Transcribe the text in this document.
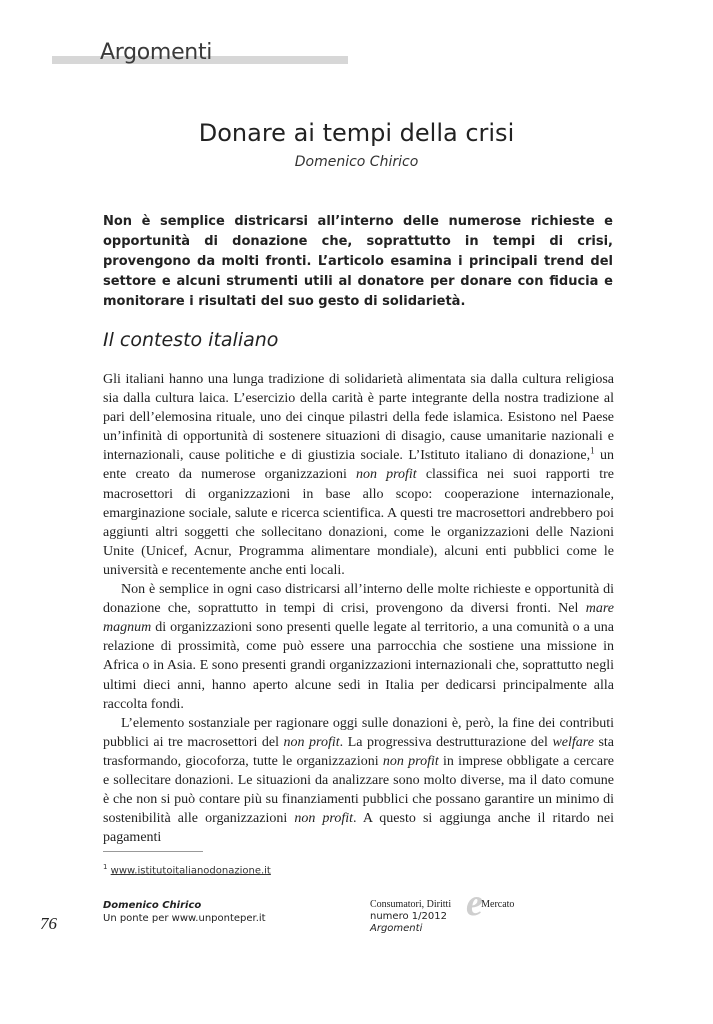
Argomenti
Donare ai tempi della crisi
Domenico Chirico
Non è semplice districarsi all’interno delle numerose richieste e opportunità di donazione che, soprattutto in tempi di crisi, provengono da molti fronti. L’articolo esamina i principali trend del settore e alcuni strumenti utili al donatore per donare con fiducia e monitorare i risultati del suo gesto di solidarietà.
Il contesto italiano

Gli italiani hanno una lunga tradizione di solidarietà alimentata sia dalla cultura religiosa sia dalla cultura laica. L’esercizio della carità è parte integrante della nostra tradizione al pari dell’elemosina rituale, uno dei cinque pilastri della fede islamica. Esistono nel Paese un’infinità di opportunità di sostenere situazioni di disagio, cause umanitarie nazionali e internazionali, cause politiche e di giustizia sociale. L’Istituto italiano di donazione,$^1$ un ente creato da numerose organizzazioni non profit classifica nei suoi rapporti tre macrosettori di organizzazioni in base allo scopo: cooperazione internazionale, emarginazione sociale, salute e ricerca scientifica. A questi tre macrosettori andrebbero poi aggiunti altri soggetti che sollecitano donazioni, come le organizzazioni delle Nazioni Unite (Unicef, Acnur, Programma alimentare mondiale), alcuni enti pubblici come le università e recentemente anche enti locali.

Non è semplice in ogni caso districarsi all’interno delle molte richieste e opportunità di donazione che, soprattutto in tempi di crisi, provengono da diversi fronti. Nel mare magnum di organizzazioni sono presenti quelle legate al territorio, a una comunità o a una relazione di prossimità, come può essere una parrocchia che sostiene una missione in Africa o in Asia. E sono presenti grandi organizzazioni internazionali che, soprattutto negli ultimi dieci anni, hanno aperto alcune sedi in Italia per dedicarsi principalmente alla raccolta fondi.

L’elemento sostanziale per ragionare oggi sulle donazioni è, però, la fine dei contributi pubblici ai tre macrosettori del non profit. La progressiva destrutturazione del welfare sta trasformando, giocoforza, tutte le organizzazioni non profit in imprese obbligate a cercare e sollecitare donazioni. Le situazioni da analizzare sono molto diverse, ma il dato comune è che non si può contare più su finanziamenti pubblici che possano garantire un minimo di sostenibilità alle organizzazioni non profit. A questo si aggiunga anche il ritardo nei pagamenti

$^1$ www.istitutoitalianodonazione.it
76
Domenico Chirico
Un ponte per www.unponteper.it	e
Consumatori, Diritti	Mercato
numero 1/2012
Argomenti
